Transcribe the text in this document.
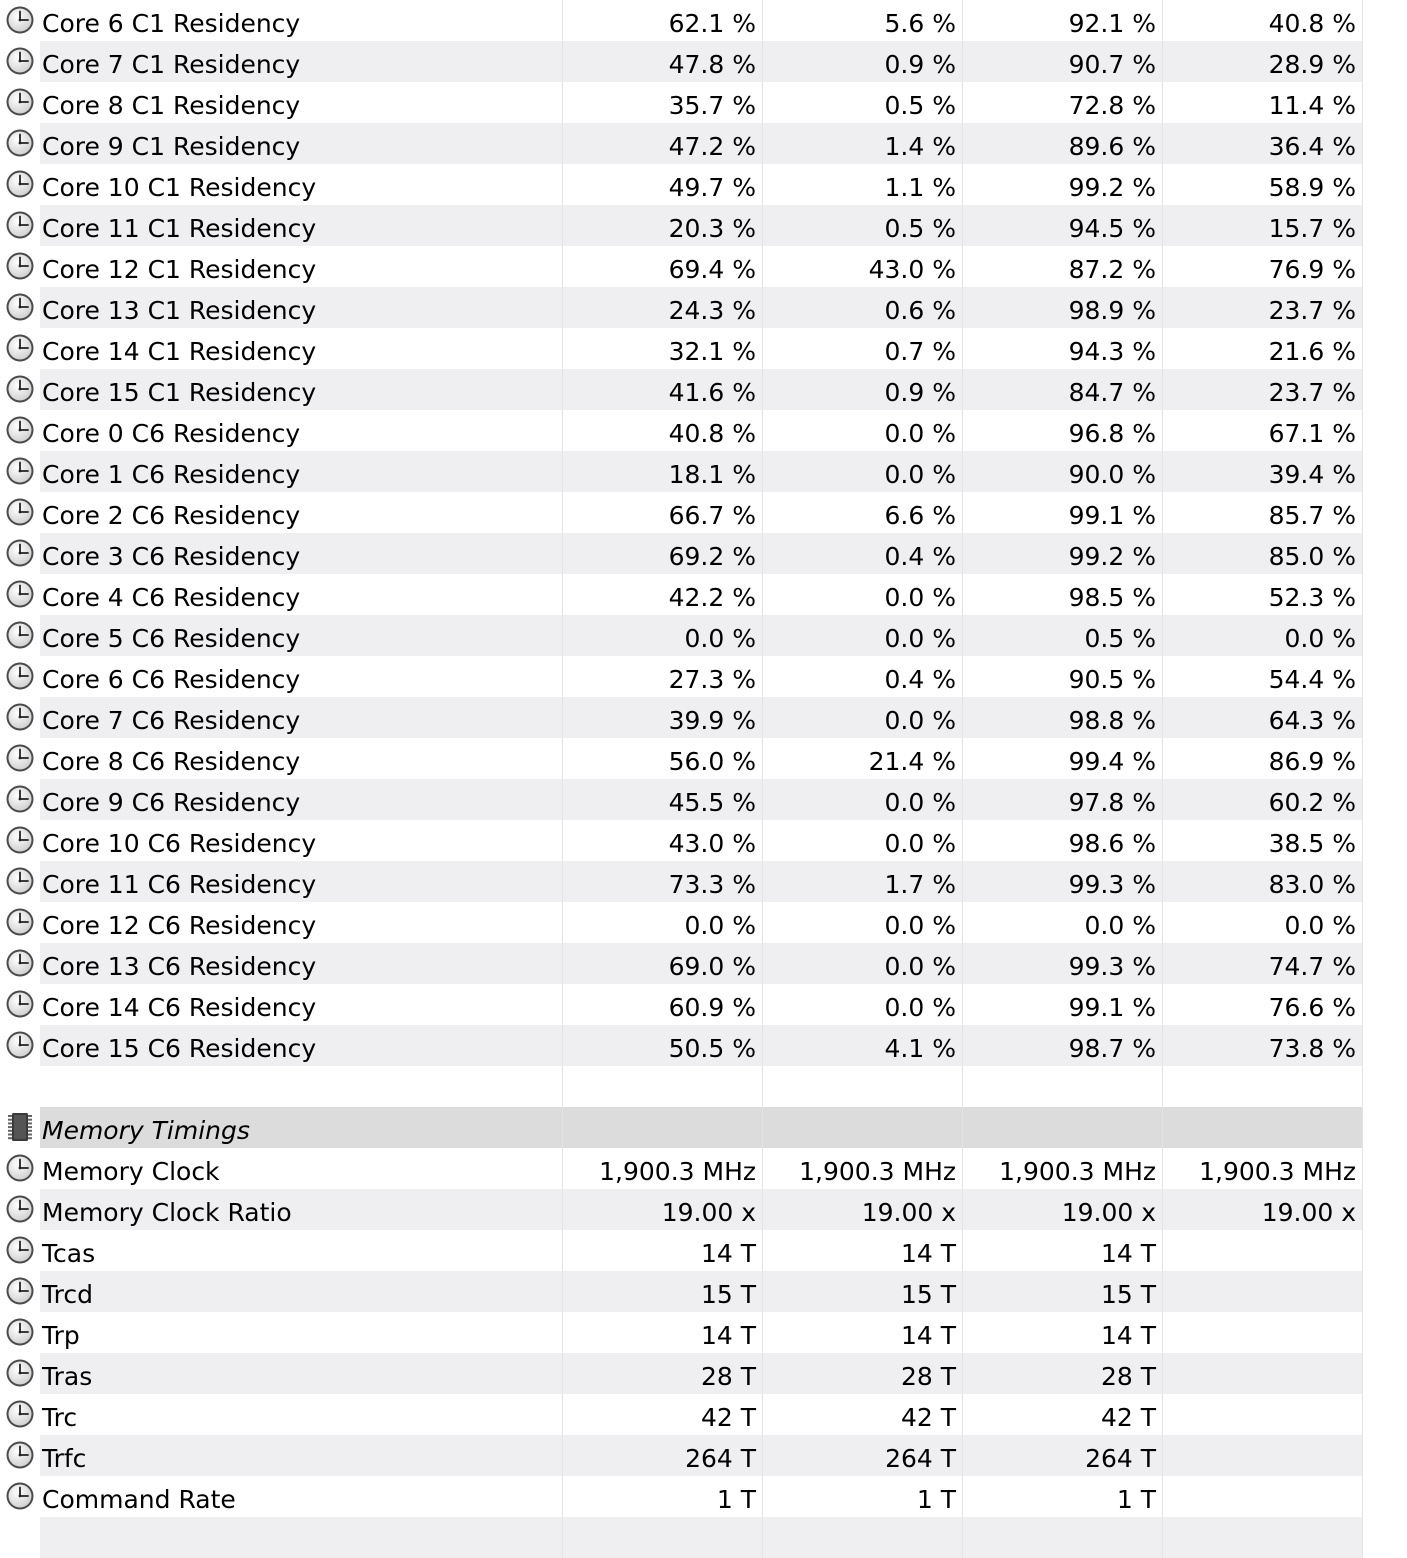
Core 6 C1 Residency	62.1 %	5.6 %	92.1 %	40.8 %
Core 7 C1 Residency	47.8 %	0.9 %	90.7 %	28.9 %
Core 8 C1 Residency	35.7 %	0.5 %	72.8 %	11.4 %
Core 9 C1 Residency	47.2 %	1.4 %	89.6 %	36.4 %
Core 10 C1 Residency	49.7 %	1.1 %	99.2 %	58.9 %
Core 11 C1 Residency	20.3 %	0.5 %	94.5 %	15.7 %
Core 12 C1 Residency	69.4 %	43.0 %	87.2 %	76.9 %
Core 13 C1 Residency	24.3 %	0.6 %	98.9 %	23.7 %
Core 14 C1 Residency	32.1 %	0.7 %	94.3 %	21.6 %
Core 15 C1 Residency	41.6 %	0.9 %	84.7 %	23.7 %
Core 0 C6 Residency	40.8 %	0.0 %	96.8 %	67.1 %
Core 1 C6 Residency	18.1 %	0.0 %	90.0 %	39.4 %
Core 2 C6 Residency	66.7 %	6.6 %	99.1 %	85.7 %
Core 3 C6 Residency	69.2 %	0.4 %	99.2 %	85.0 %
Core 4 C6 Residency	42.2 %	0.0 %	98.5 %	52.3 %
Core 5 C6 Residency	0.0 %	0.0 %	0.5 %	0.0 %
Core 6 C6 Residency	27.3 %	0.4 %	90.5 %	54.4 %
Core 7 C6 Residency	39.9 %	0.0 %	98.8 %	64.3 %
Core 8 C6 Residency	56.0 %	21.4 %	99.4 %	86.9 %
Core 9 C6 Residency	45.5 %	0.0 %	97.8 %	60.2 %
Core 10 C6 Residency	43.0 %	0.0 %	98.6 %	38.5 %
Core 11 C6 Residency	73.3 %	1.7 %	99.3 %	83.0 %
Core 12 C6 Residency	0.0 %	0.0 %	0.0 %	0.0 %
Core 13 C6 Residency	69.0 %	0.0 %	99.3 %	74.7 %
Core 14 C6 Residency	60.9 %	0.0 %	99.1 %	76.6 %
Core 15 C6 Residency	50.5 %	4.1 %	98.7 %	73.8 %
Memory Timings
Memory Clock	1,900.3 MHz	1,900.3 MHz	1,900.3 MHz	1,900.3 MHz
Memory Clock Ratio	19.00 x	19.00 x	19.00 x	19.00 x
Tcas	14 T	14 T	14 T
Trcd	15 T	15 T	15 T
Trp	14 T	14 T	14 T
Tras	28 T	28 T	28 T
Trc	42 T	42 T	42 T
Trfc	264 T	264 T	264 T
Command Rate	1 T	1 T	1 T
